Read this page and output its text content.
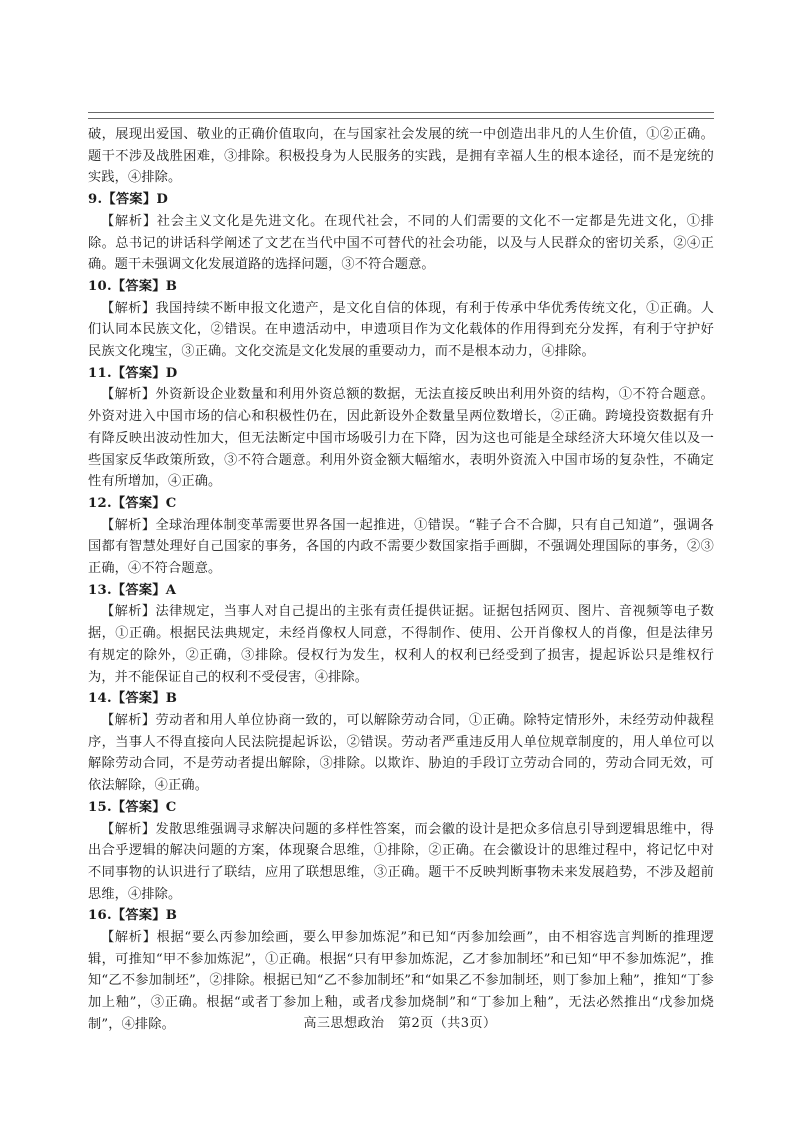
破，展现出爱国、敬业的正确价值取向，在与国家社会发展的统一中创造出非凡的人生价值，①②正确。题干不涉及战胜困难，③排除。积极投身为人民服务的实践，是拥有幸福人生的根本途径，而不是宠统的实践，④排除。

9.【答案】D

【解析】社会主义文化是先进文化。在现代社会，不同的人们需要的文化不一定都是先进文化，①排除。总书记的讲话科学阐述了文艺在当代中国不可替代的社会功能，以及与人民群众的密切关系，②④正确。题干未强调文化发展道路的选择问题，③不符合题意。

10.【答案】B

【解析】我国持续不断申报文化遗产，是文化自信的体现，有利于传承中华优秀传统文化，①正确。人们认同本民族文化，②错误。在申遗活动中，申遗项目作为文化载体的作用得到充分发挥，有利于守护好民族文化瑰宝，③正确。文化交流是文化发展的重要动力，而不是根本动力，④排除。

11.【答案】D

【解析】外资新设企业数量和利用外资总额的数据，无法直接反映出利用外资的结构，①不符合题意。外资对进入中国市场的信心和积极性仍在，因此新设外企数量呈两位数增长，②正确。跨境投资数据有升有降反映出波动性加大，但无法断定中国市场吸引力在下降，因为这也可能是全球经济大环境欠佳以及一些国家反华政策所致，③不符合题意。利用外资金额大幅缩水，表明外资流入中国市场的复杂性，不确定性有所增加，④正确。

12.【答案】C

【解析】全球治理体制变革需要世界各国一起推进，①错误。“鞋子合不合脚，只有自己知道”，强调各国都有智慧处理好自己国家的事务，各国的内政不需要少数国家指手画脚，不强调处理国际的事务，②③正确，④不符合题意。

13.【答案】A

【解析】法律规定，当事人对自己提出的主张有责任提供证据。证据包括网页、图片、音视频等电子数据，①正确。根据民法典规定，未经肖像权人同意，不得制作、使用、公开肖像权人的肖像，但是法律另有规定的除外，②正确，③排除。侵权行为发生，权利人的权利已经受到了损害，提起诉讼只是维权行为，并不能保证自己的权利不受侵害，④排除。

14.【答案】B

【解析】劳动者和用人单位协商一致的，可以解除劳动合同，①正确。除特定情形外，未经劳动仲裁程序，当事人不得直接向人民法院提起诉讼，②错误。劳动者严重违反用人单位规章制度的，用人单位可以解除劳动合同，不是劳动者提出解除，③排除。以欺诈、胁迫的手段订立劳动合同的，劳动合同无效，可依法解除，④正确。

15.【答案】C

【解析】发散思维强调寻求解决问题的多样性答案，而会徽的设计是把众多信息引导到逻辑思维中，得出合乎逻辑的解决问题的方案，体现聚合思维，①排除，②正确。在会徽设计的思维过程中，将记忆中对不同事物的认识进行了联结，应用了联想思维，③正确。题干不反映判断事物未来发展趋势，不涉及超前思维，④排除。

16.【答案】B

【解析】根据“要么丙参加绘画，要么甲参加炼泥”和已知“丙参加绘画”，由不相容选言判断的推理逻辑，可推知“甲不参加炼泥”，①正确。根据“只有甲参加炼泥，乙才参加制坯”和已知“甲不参加炼泥”，推知“乙不参加制坯”，②排除。根据已知“乙不参加制坯”和“如果乙不参加制坯，则丁参加上釉”，推知“丁参加上釉”，③正确。根据“或者丁参加上釉，或者戊参加烧制”和“丁参加上釉”，无法必然推出“戊参加烧制”，④排除。	高三思想政治　第2页（共3页）
